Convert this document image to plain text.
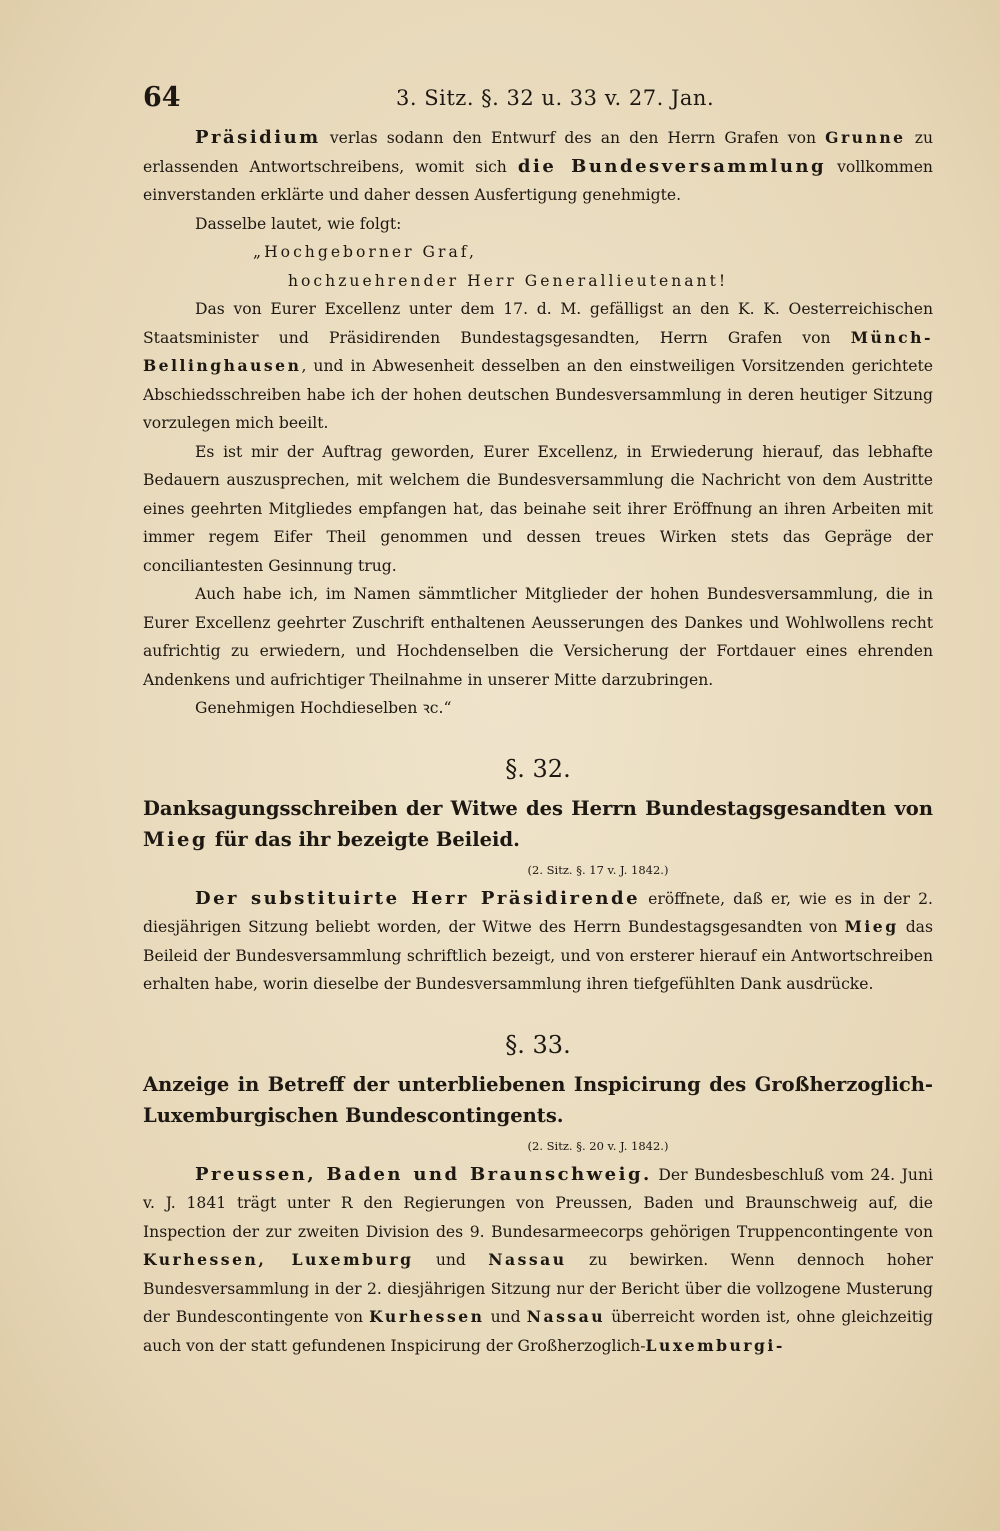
64	3. Sitz. §. 32 u. 33 v. 27. Jan.

Präsidium verlas sodann den Entwurf des an den Herrn Grafen von Grunne zu erlassenden Antwortschreibens, womit sich die Bundesversammlung vollkommen einverstanden erklärte und daher dessen Ausfertigung genehmigte.

Dasselbe lautet, wie folgt:

„Hochgeborner Graf,

hochzuehrender Herr Generallieutenant!

Das von Eurer Excellenz unter dem 17. d. M. gefälligst an den K. K. Oesterreichischen Staatsminister und Präsidirenden Bundestagsgesandten, Herrn Grafen von Münch-Bellinghausen, und in Abwesenheit desselben an den einstweiligen Vorsitzenden gerichtete Abschiedsschreiben habe ich der hohen deutschen Bundesversammlung in deren heutiger Sitzung vorzulegen mich beeilt.

Es ist mir der Auftrag geworden, Eurer Excellenz, in Erwiederung hierauf, das lebhafte Bedauern auszusprechen, mit welchem die Bundesversammlung die Nachricht von dem Austritte eines geehrten Mitgliedes empfangen hat, das beinahe seit ihrer Eröffnung an ihren Arbeiten mit immer regem Eifer Theil genommen und dessen treues Wirken stets das Gepräge der conciliantesten Gesinnung trug.

Auch habe ich, im Namen sämmtlicher Mitglieder der hohen Bundesversammlung, die in Eurer Excellenz geehrter Zuschrift enthaltenen Aeusserungen des Dankes und Wohlwollens recht aufrichtig zu erwiedern, und Hochdenselben die Versicherung der Fortdauer eines ehrenden Andenkens und aufrichtiger Theilnahme in unserer Mitte darzubringen.

Genehmigen Hochdieselben ꝛc.“

§. 32.

Danksagungsschreiben der Witwe des Herrn Bundestagsgesandten von Mieg für das ihr bezeigte Beileid.

(2. Sitz. §. 17 v. J. 1842.)

Der substituirte Herr Präsidirende eröffnete, daß er, wie es in der 2. diesjährigen Sitzung beliebt worden, der Witwe des Herrn Bundestagsgesandten von Mieg das Beileid der Bundesversammlung schriftlich bezeigt, und von ersterer hierauf ein Antwortschreiben erhalten habe, worin dieselbe der Bundesversammlung ihren tiefgefühlten Dank ausdrücke.

§. 33.

Anzeige in Betreff der unterbliebenen Inspicirung des Großherzoglich-Luxemburgischen Bundescontingents.

(2. Sitz. §. 20 v. J. 1842.)

Preussen, Baden und Braunschweig. Der Bundesbeschluß vom 24. Juni v. J. 1841 trägt unter R den Regierungen von Preussen, Baden und Braunschweig auf, die Inspection der zur zweiten Division des 9. Bundesarmeecorps gehörigen Truppencontingente von Kurhessen, Luxemburg und Nassau zu bewirken. Wenn dennoch hoher Bundesversammlung in der 2. diesjährigen Sitzung nur der Bericht über die vollzogene Musterung der Bundescontingente von Kurhessen und Nassau überreicht worden ist, ohne gleichzeitig auch von der statt gefundenen Inspicirung der Großherzoglich-Luxemburgi-
